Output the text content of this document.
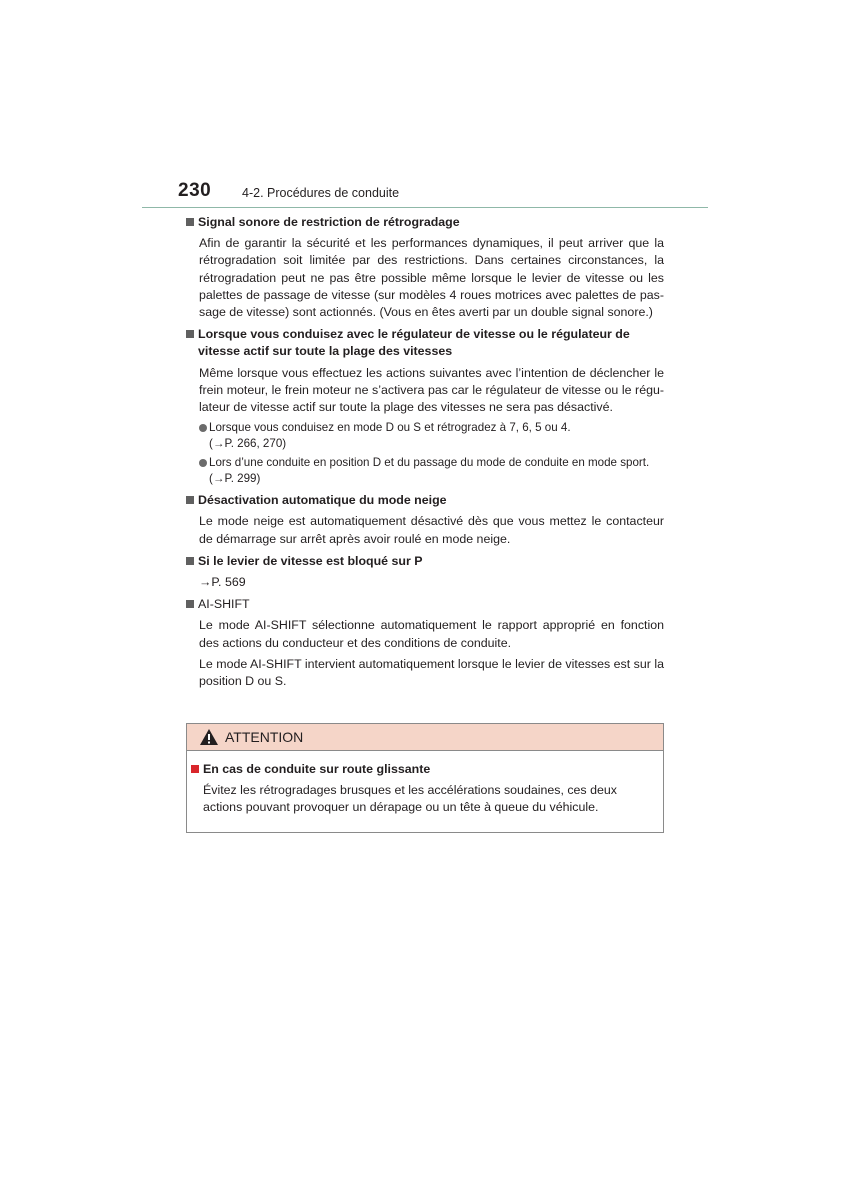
230 4-2. Procédures de conduite
Signal sonore de restriction de rétrogradage

Afin de garantir la sécurité et les performances dynamiques, il peut arriver que la rétrogradation soit limitée par des restrictions. Dans certaines circonstances, la rétrogradation peut ne pas être possible même lorsque le levier de vitesse ou les palettes de passage de vitesse (sur modèles 4 roues motrices avec palettes de pas-sage de vitesse) sont actionnés. (Vous en êtes averti par un double signal sonore.)

Lorsque vous conduisez avec le régulateur de vitesse ou le régulateur de vitesse actif sur toute la plage des vitesses

Même lorsque vous effectuez les actions suivantes avec l’intention de déclencher le frein moteur, le frein moteur ne s’activera pas car le régulateur de vitesse ou le régu-lateur de vitesse actif sur toute la plage des vitesses ne sera pas désactivé.

Lorsque vous conduisez en mode D ou S et rétrogradez à 7, 6, 5 ou 4.
(→P. 266, 270)
Lors d’une conduite en position D et du passage du mode de conduite en mode sport.
(→P. 299)
Désactivation automatique du mode neige

Le mode neige est automatiquement désactivé dès que vous mettez le contacteur de démarrage sur arrêt après avoir roulé en mode neige.

Si le levier de vitesse est bloqué sur P

→P. 569

AI-SHIFT

Le mode AI-SHIFT sélectionne automatiquement le rapport approprié en fonction des actions du conducteur et des conditions de conduite.

Le mode AI-SHIFT intervient automatiquement lorsque le levier de vitesses est sur la position D ou S.

ATTENTION
En cas de conduite sur route glissante

Évitez les rétrogradages brusques et les accélérations soudaines, ces deux actions pouvant provoquer un dérapage ou un tête à queue du véhicule.
